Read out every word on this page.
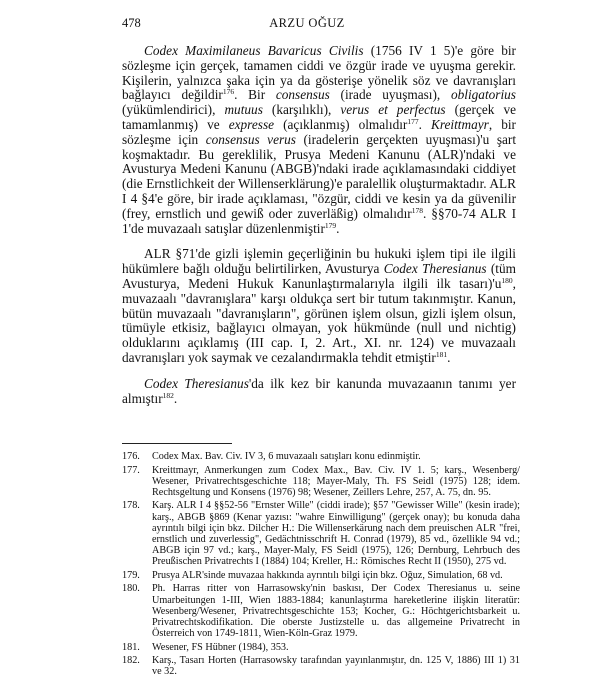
478	ARZU OĞUZ

Codex Maximilaneus Bavaricus Civilis (1756 IV 1 5)'e göre bir sözleşme için gerçek, tamamen ciddi ve özgür irade ve uyuşma gerekir. Kişilerin, yalnızca şaka için ya da gösterişe yönelik söz ve davranışları bağlayıcı değildir$^{176}$. Bir consensus (irade uyuşması), obligatorius (yükümlendirici), mutuus (karşılıklı), verus et perfectus (gerçek ve tamamlanmış) ve expresse (açıklanmış) olmalıdır$^{177}$. Kreittmayr, bir sözleşme için consensus verus (iradelerin gerçekten uyuşması)'u şart koşmaktadır. Bu gereklilik, Prusya Medeni Kanunu (ALR)'ndaki ve Avusturya Medeni Kanunu (ABGB)'ndaki irade açıklamasındaki ciddiyet (die Ernstlichkeit der Willenserklärung)'e paralellik oluşturmaktadır. ALR I 4 §4'e göre, bir irade açıklaması, "özgür, ciddi ve kesin ya da güvenilir (frey, ernstlich und gewiß oder zuverläßig) olmalıdır$^{178}$. §§70-74 ALR I 1'de muvazaalı satışlar düzenlenmiştir$^{179}$.

ALR §71'de gizli işlemin geçerliğinin bu hukuki işlem tipi ile ilgili hükümlere bağlı olduğu belirtilirken, Avusturya Codex Theresianus (tüm Avusturya, Medeni Hukuk Kanunlaştırmalarıyla ilgili ilk $tasarı)'u^{180}$, muvazaalı "davranışlara" karşı oldukça sert bir tutum takınmıştır. Kanun, bütün muvazaalı "davranışların", görünen işlem olsun, gizli işlem olsun, tümüyle etkisiz, bağlayıcı olmayan, yok hükmünde (null und nichtig) olduklarını açıklamış (III cap. I, 2. Art., XI. nr. 124) ve muvazaalı davranışları yok saymak ve cezalandırmakla tehdit etmiştir$^{181}$.

Codex Theresianus'da ilk kez bir kanunda muvazaanın tanımı yer almıştır$^{182}$.

176.	Codex Max. Bav. Civ. IV 3, 6 muvazaalı satışları konu edinmiştir.
177.	Kreittmayr, Anmerkungen zum Codex Max., Bav. Civ. IV 1. 5; karş., Wesenberg/ Wesener, Privatrechtsgeschichte 118; Mayer-Maly, Th. FS Seidl (1975) 128; idem. Rechtsgeltung und Konsens (1976) 98; Wesener, Zeillers Lehre, 257, A. 75, dn. 95.
178.	Karş. ALR I 4 §§52-56 "Ernster Wille" (ciddi irade); §57 "Gewisser Wille" (kesin irade); karş., ABGB §869 (Kenar yazısı: "wahre Einwilligung" (gerçek onay); bu konuda daha ayrıntılı bilgi için bkz. Dilcher H.: Die Willenserkärung nach dem preuischen ALR "frei, ernstlich und zuverlessig", Gedächtnisschrift H. Conrad (1979), 85 vd., özellikle 94 vd.; ABGB için 97 vd.; karş., Mayer-Maly, FS Seidl (1975), 126; Dernburg, Lehrbuch des Preußischen Privatrechts I (1884) 104; Kreller, H.: Römisches Recht II (1950), 275 vd.
179.	Prusya ALR'sinde muvazaa hakkında ayrıntılı bilgi için bkz. Oğuz, Simulation, 68 vd.
180.	Ph. Harras ritter von Harrasowsky'nin baskısı, Der Codex Theresianus u. seine Umarbeitungen 1-III, Wien 1883-1884; kanunlaştırma hareketlerine ilişkin literatür: Wesenberg/Wesener, Privatrechtsgeschichte 153; Kocher, G.: Höchtgerichtsbarkeit u. Privatrechtskodifikation. Die oberste Justizstelle u. das allgemeine Privatrecht in Österreich von 1749-1811, Wien-Köln-Graz 1979.
181.	Wesener, FS Hübner (1984), 353.
182.	Karş., Tasarı Horten (Harrasowsky tarafından yayınlanmıştır, dn. 125 V, 1886) III 1) 31 ve 32.
